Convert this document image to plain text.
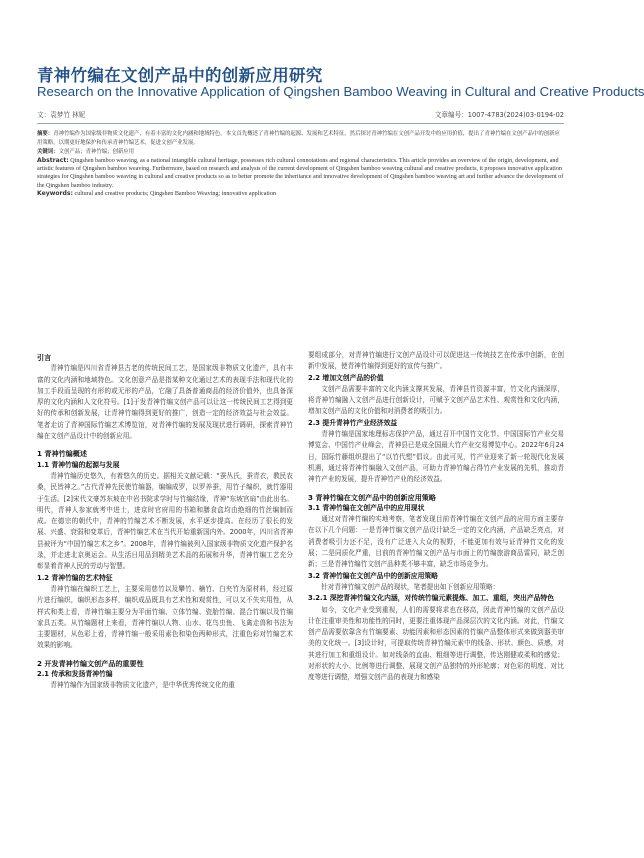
青神竹编在文创产品中的创新应用研究
Research on the Innovative Application of Qingshen Bamboo Weaving in Cultural and Creative Products
文：袁梦竹 林妮	文章编号：1007-4783(2024)03-0194-02

摘要：青神竹编作为国家级非物质文化遗产，有着丰富的文化内涵和地域特色。本文首先概述了青神竹编的起源、发展和艺术特征，然后探讨青神竹编在文创产品开发中的应用价值，提出了青神竹编在文创产品中的创新应用策略，以期更好地保护和传承青神竹编艺术，促进文创产业发展。

关键词：文创产品；青神竹编；创新应用

Abstract: Qingshen bamboo weaving, as a national intangible cultural heritage, possesses rich cultural connotations and regional characteristics. This article provides an overview of the origin, development, and artistic features of Qingshen bamboo weaving. Furthermore, based on research and analysis of the current development of Qingshen bamboo weaving cultural and creative products, it proposes innovative application strategies for Qingshen bamboo weaving in cultural and creative products so as to better promote the inheritance and innovative development of Qingshen bamboo weaving art and further advance the development of the Qingshen bamboo industry.

Keywords: cultural and creative products; Qingshen Bamboo Weaving; innovative application

引言

青神竹编是四川省青神县古老的传统民间工艺，是国家级非物质文化遗产，具有丰富的文化内涵和地域特色。文化创意产品是指某种文化通过艺术的表现手法和现代化的加工手段而呈现的有形的或无形的产品，它融了具备普通商品的经济价值外，也具备深厚的文化内涵和人文化符号。[1]于发青神竹编文创产品可以让这一传统民间工艺得到更好的传承和创新发展，让青神竹编得到更好的推广，创造一定的经济效益与社会效益。笔者走访了青神国际竹编艺术博览馆，对青神竹编的发展及现状进行调研，探索青神竹编在文创产品设计中的创新应用。

1 青神竹编概述
1.1 青神竹编的起源与发展

青神竹编历史悠久，有着悠久的历史。据相关文献记载：“蚕丛氏，蚕青衣，教民农桑，民皆神之。”古代青神先民使竹编器，编编成罗，以罗养蚕，用竹子编织，就竹器用于生活。[2]宋代文豪苏东坡在中岩书院求学时与竹编结缘，青神“东坡宫扇”由此出名。明代，青神人参家就考中进士，进京时官府用的书箱和膳食盒均由绝细的竹丝编制而成。在德宗的朝代中，青神的竹编艺术不断发展，水平逐步提高。在经历了很长的发展、兴盛、衰弱和变革后，青神竹编艺术在当代开始重新国内外。2000年，四川省青神县被评为“中国竹编艺术之乡”。2008年，青神竹编被列入国家级非物质文化遗产保护名录，并走进北京奥运会。从生活日用品到精美艺术品的拓展和升华，青神竹编工艺充分彰显着青神人民的劳动与智慧。

1.2 青神竹编的艺术特征

青神竹编在编织工艺上，主要采用慈竹以及攀竹、楠竹、白夹竹为原材料，经过原片进行编织，编织形态多样，编织成品既具有艺术性和观赏性，可以又不失实用性，从样式和类上看，青神竹编主要分为平面竹编、立体竹编、瓷胎竹编、混合竹编以及竹编家具五类。从竹编题材上来看，青神竹编以人物、山水、花鸟虫鱼、飞禽走兽和书法为主要题材，从色彩上看，青神竹编一般采用素色和染色两种形式，注重色彩对竹编艺术效果的影响。

2 开发青神竹编文创产品的重要性
2.1 传承和发扬青神竹编

青神竹编作为国家级非物质文化遗产，是中华优秀传统文化的重

要组成部分，对青神竹编进行文创产品设计可以促进这一传统技艺在传承中创新，在创新中发展，使青神竹编得到更好的宣传与推广。

2.2 增加文创产品的价值

文创产品需要丰富的文化内涵支撑其发展，青神县竹资源丰富，竹文化内涵深厚，将青神竹编融入文创产品进行创新设计，可赋予文创产品艺术性、观赏性和文化内涵，增加文创产品的文化价值和对消费者的吸引力。

2.3 提升青神竹产业经济效益

青神竹编是国家地理标志保护产品，通过召开中国竹文化节、中国国际竹产业交易博览会、中国竹产业峰会，青神县已是成全国最大竹产业交易博览中心。2022年6月24日，国际竹藤组织提出了“以竹代塑”倡议。由此可见，竹产业迎来了新一轮现代化发展机遇，通过将青神竹编融入文创产品，可助力青神竹编占得竹产业发展的先机，推动青神竹产业的发展，提升青神竹产业的经济效益。

3 青神竹编在文创产品中的创新应用策略
3.1 青神竹编在文创产品中的应用现状

通过对青神竹编的实地考察，笔者发现目前青神竹编在文创产品的应用方面主要存在以下几个问题：一是青神竹编文创产品设计缺乏一定的文化内涵，产品缺乏亮点，对消费者吸引力还不足，没有广泛进入大众的视野，不能更加有效与证青神竹文化的发展；二是同质化严重，目前的青神竹编文创产品与市面上的竹编旅游商品雷同，缺乏创新；三是青神竹编竹文创产品种类不够丰富，缺乏市场竞争力。

3.2 青神竹编在文创产品中的创新应用策略

针对青神竹编文创产品的现状，笔者提出如下创新应用策略：

3.2.1 深挖青神竹编文化内涵，对传统竹编元素提炼、加工、重组，突出产品特色

如今，文化产业受到重视，人们的需要将求也在移高，因此青神竹编的文创产品设计在注重审美性和功能性的同时，更要注重体现产品深层次的文化内涵。对此，竹编文创产品需要依靠含有竹编要素、功能因素和形态因素的竹编产品整体形式来做到器美审美的文化统一。[3]设计时，可提取传统青神竹编元素中的线条、形状、颜色、质感，对其进行加工和重组设计。如对线条的直曲、粗细等进行调整，传达刚健或柔和的感觉；对形状的大小、比例等进行调整，展现文创产品独特的外形轮廓；对色彩的明度、对比度等进行调整，增强文创产品的表现力和感染
